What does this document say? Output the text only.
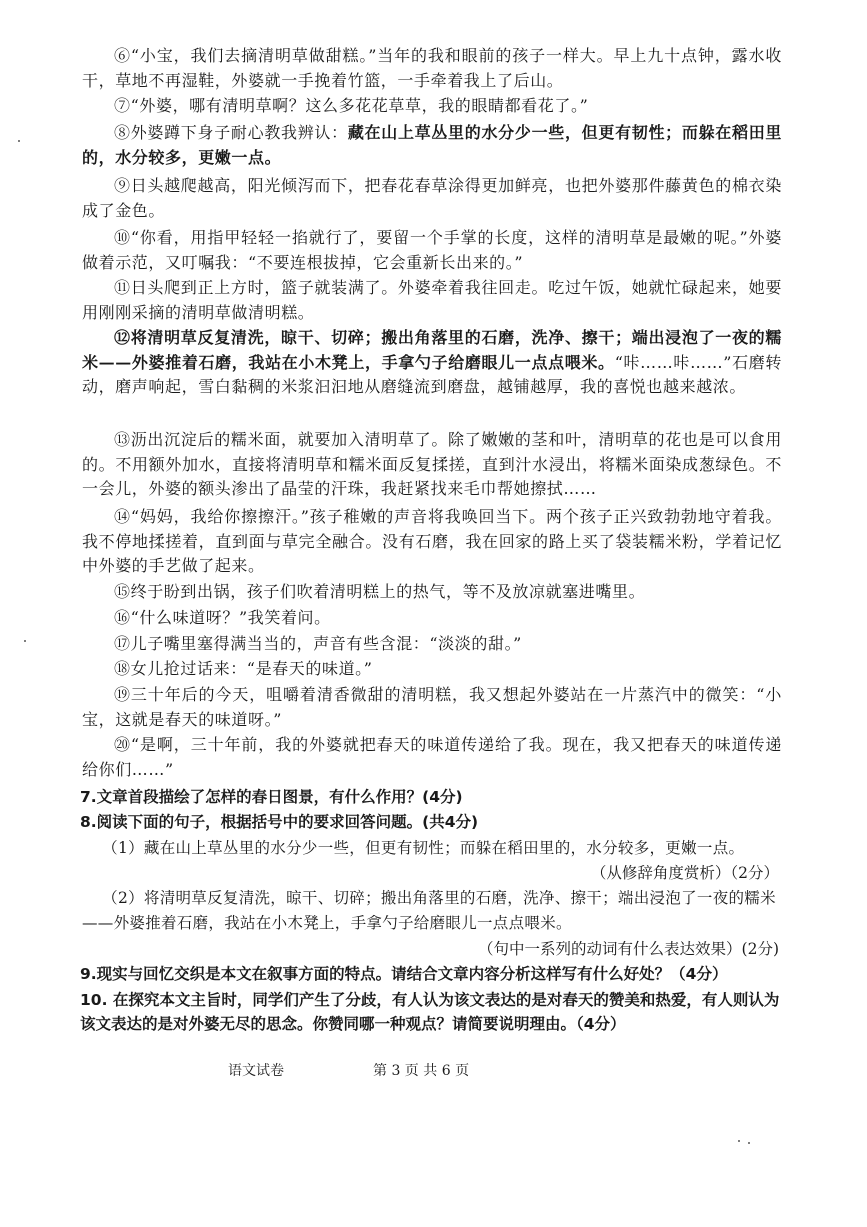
⑥“小宝，我们去摘清明草做甜糕。”当年的我和眼前的孩子一样大。早上九十点钟，露水收干，草地不再湿鞋，外婆就一手挽着竹篮，一手牵着我上了后山。

⑦“外婆，哪有清明草啊？这么多花花草草，我的眼睛都看花了。”

⑧外婆蹲下身子耐心教我辨认：藏在山上草丛里的水分少一些，但更有韧性；而躲在稻田里的，水分较多，更嫩一点。

⑨日头越爬越高，阳光倾泻而下，把春花春草涂得更加鲜亮，也把外婆那件藤黄色的棉衣染成了金色。

⑩“你看，用指甲轻轻一掐就行了，要留一个手掌的长度，这样的清明草是最嫩的呢。”外婆做着示范，又叮嘱我：“不要连根拔掉，它会重新长出来的。”

⑪日头爬到正上方时，篮子就装满了。外婆牵着我往回走。吃过午饭，她就忙碌起来，她要用刚刚采摘的清明草做清明糕。

⑫将清明草反复清洗，晾干、切碎；搬出角落里的石磨，洗净、擦干；端出浸泡了一夜的糯米——外婆推着石磨，我站在小木凳上，手拿勺子给磨眼儿一点点喂米。“咔……咔……”石磨转动，磨声响起，雪白黏稠的米浆汩汩地从磨缝流到磨盘，越铺越厚，我的喜悦也越来越浓。

⑬沥出沉淀后的糯米面，就要加入清明草了。除了嫩嫩的茎和叶，清明草的花也是可以食用的。不用额外加水，直接将清明草和糯米面反复揉搓，直到汁水浸出，将糯米面染成葱绿色。不一会儿，外婆的额头渗出了晶莹的汗珠，我赶紧找来毛巾帮她擦拭……

⑭“妈妈，我给你擦擦汗。”孩子稚嫩的声音将我唤回当下。两个孩子正兴致勃勃地守着我。我不停地揉搓着，直到面与草完全融合。没有石磨，我在回家的路上买了袋装糯米粉，学着记忆中外婆的手艺做了起来。

⑮终于盼到出锅，孩子们吹着清明糕上的热气，等不及放凉就塞进嘴里。

⑯“什么味道呀？”我笑着问。

⑰儿子嘴里塞得满当当的，声音有些含混：“淡淡的甜。”

⑱女儿抢过话来：“是春天的味道。”

⑲三十年后的今天，咀嚼着清香微甜的清明糕，我又想起外婆站在一片蒸汽中的微笑：“小宝，这就是春天的味道呀。”

⑳“是啊，三十年前，我的外婆就把春天的味道传递给了我。现在，我又把春天的味道传递给你们……”

7.文章首段描绘了怎样的春日图景，有什么作用？(4分)

8.阅读下面的句子，根据括号中的要求回答问题。(共4分)

（1）藏在山上草丛里的水分少一些，但更有韧性；而躲在稻田里的，水分较多，更嫩一点。

（从修辞角度赏析）（2分）

（2）将清明草反复清洗，晾干、切碎；搬出角落里的石磨，洗净、擦干；端出浸泡了一夜的糯米——外婆推着石磨，我站在小木凳上，手拿勺子给磨眼儿一点点喂米。

（句中一系列的动词有什么表达效果）(2分)

9.现实与回忆交织是本文在叙事方面的特点。请结合文章内容分析这样写有什么好处？（4分）

10. 在探究本文主旨时，同学们产生了分歧，有人认为该文表达的是对春天的赞美和热爱，有人则认为该文表达的是对外婆无尽的思念。你赞同哪一种观点？请简要说明理由。（4分）

语文试卷	第 3 页 共 6 页
